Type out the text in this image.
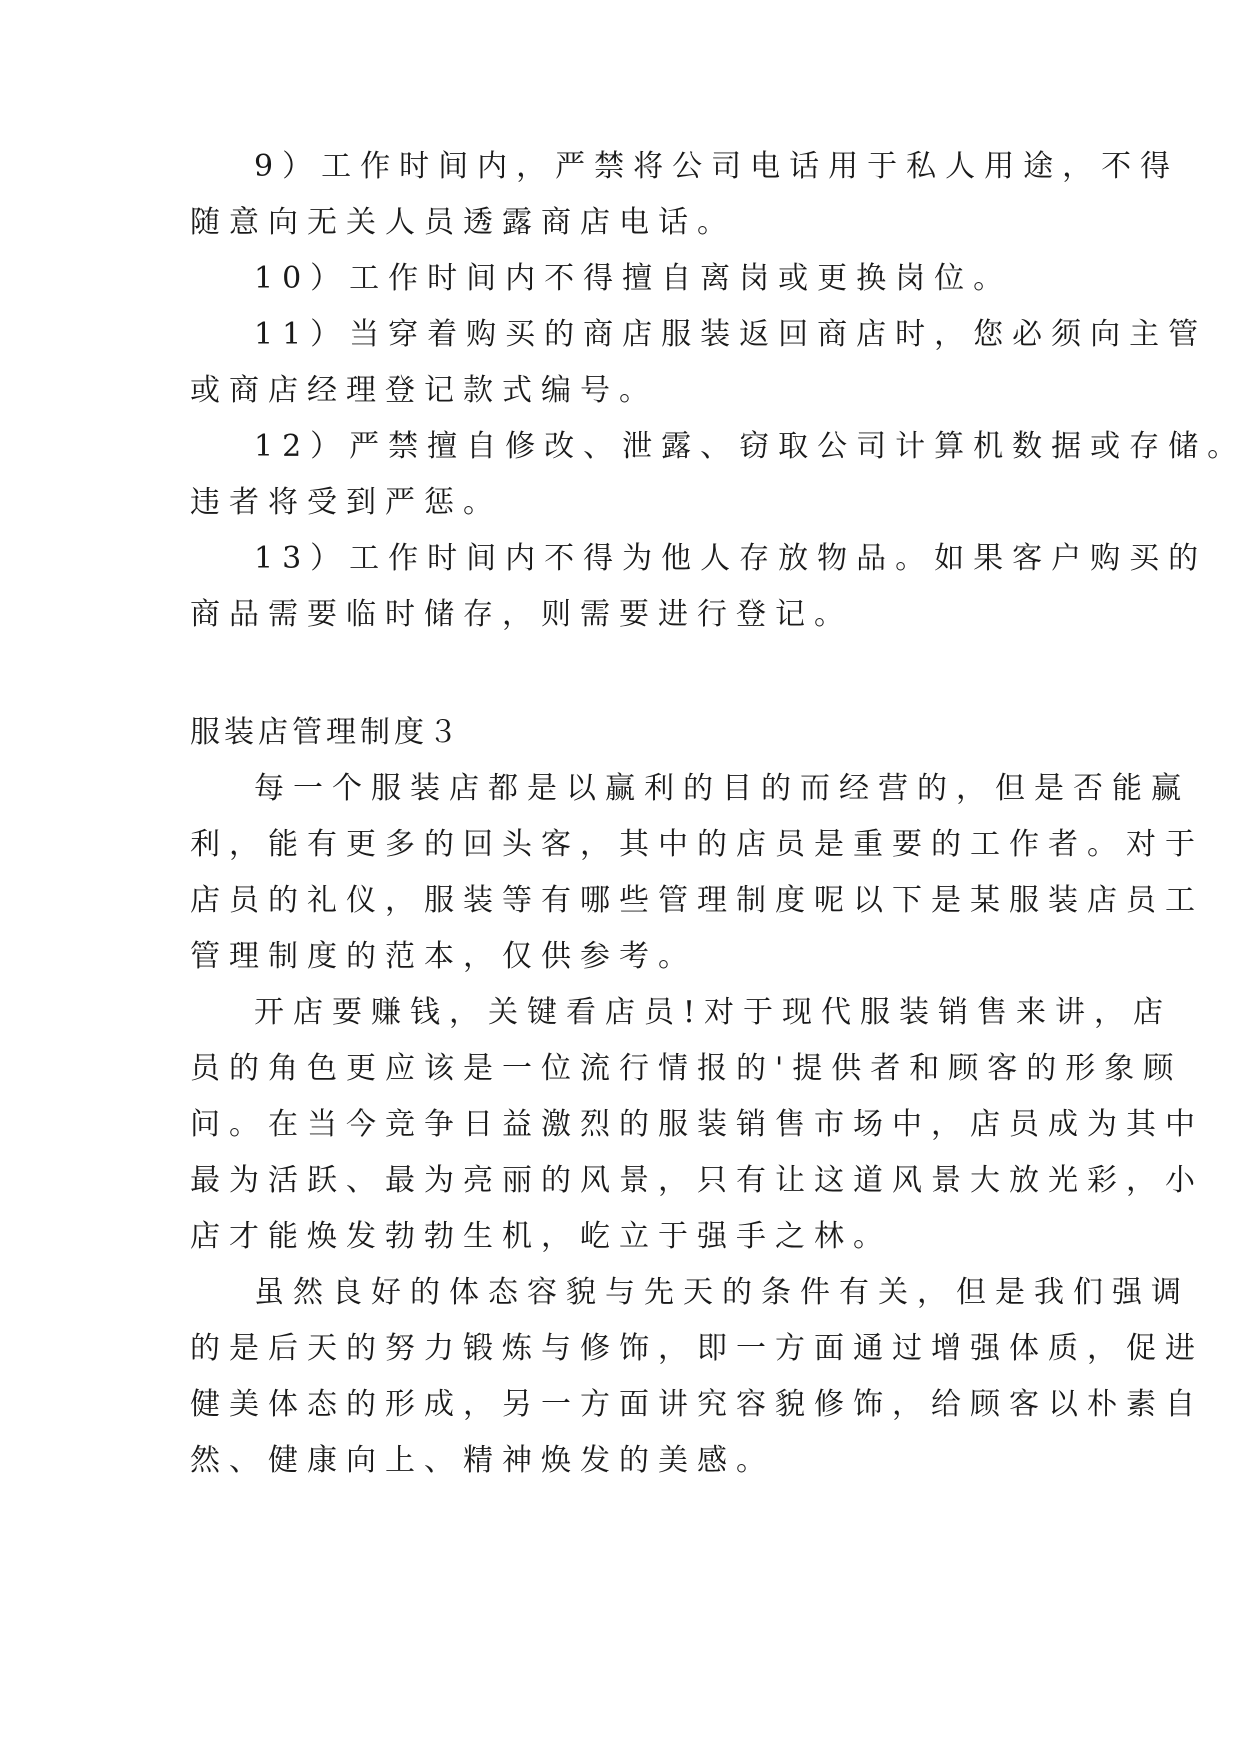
9）工作时间内，严禁将公司电话用于私人用途，不得
随意向无关人员透露商店电话。
10）工作时间内不得擅自离岗或更换岗位。
11）当穿着购买的商店服装返回商店时，您必须向主管
或商店经理登记款式编号。
12）严禁擅自修改、泄露、窃取公司计算机数据或存储。
违者将受到严惩。
13）工作时间内不得为他人存放物品。如果客户购买的
商品需要临时储存，则需要进行登记。
服装店管理制度３
每一个服装店都是以赢利的目的而经营的，但是否能赢
利，能有更多的回头客，其中的店员是重要的工作者。对于
店员的礼仪，服装等有哪些管理制度呢以下是某服装店员工
管理制度的范本，仅供参考。
开店要赚钱，关键看店员!对于现代服装销售来讲，店
员的角色更应该是一位流行情报的'提供者和顾客的形象顾
问。在当今竞争日益激烈的服装销售市场中，店员成为其中
最为活跃、最为亮丽的风景，只有让这道风景大放光彩，小
店才能焕发勃勃生机，屹立于强手之林。
虽然良好的体态容貌与先天的条件有关，但是我们强调
的是后天的努力锻炼与修饰，即一方面通过增强体质，促进
健美体态的形成，另一方面讲究容貌修饰，给顾客以朴素自
然、健康向上、精神焕发的美感。
